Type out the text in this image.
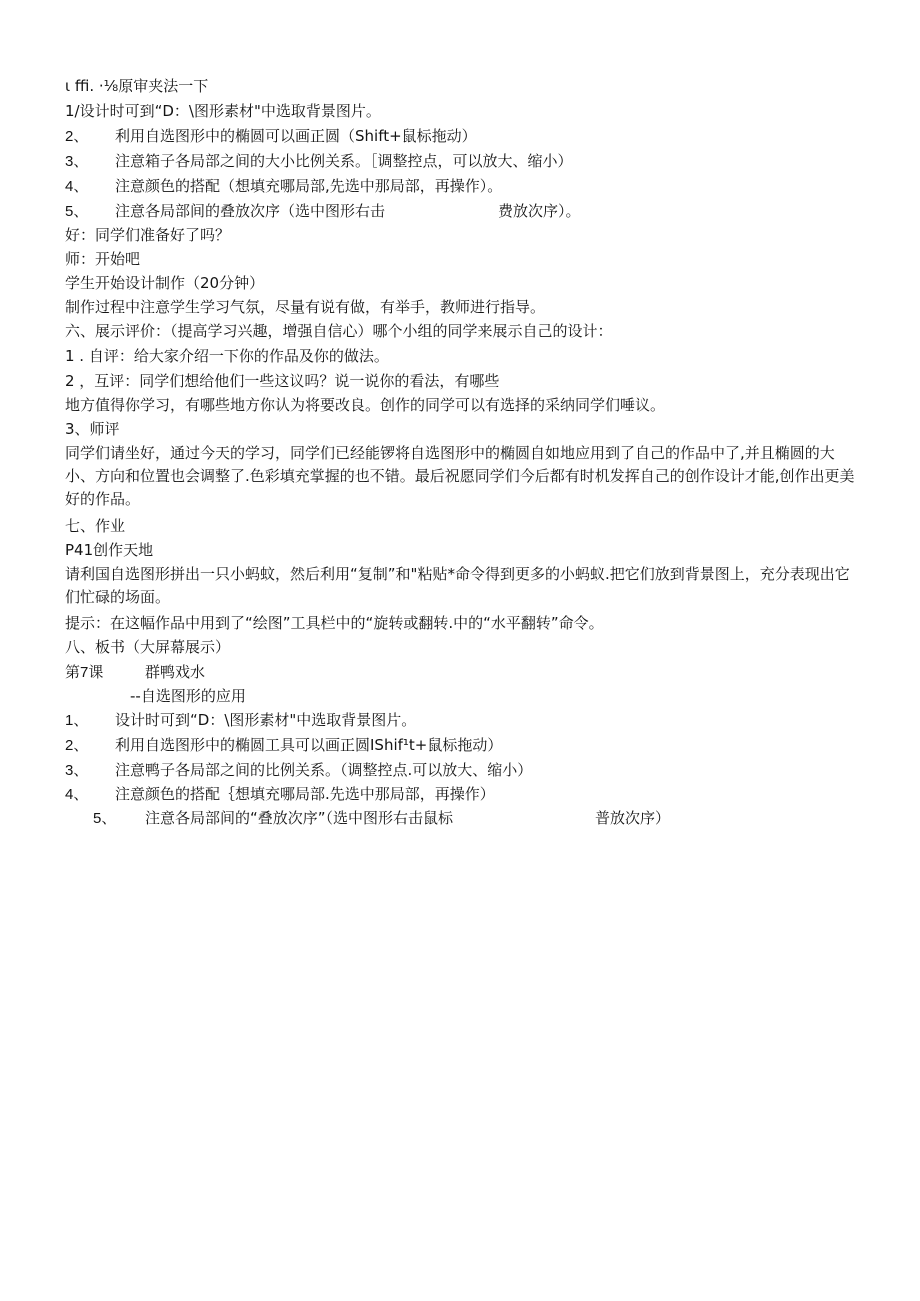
ι ffi. ·⅛原审夹法一下
1/设计时可到“D：\图形素材"中选取背景图片。
2、 利用自选图形中的椭圆可以画正圆（Shift+鼠标拖动）
3、 注意箱子各局部之间的大小比例关系。［调整控点，可以放大、缩小）
4、 注意颜色的搭配（想填充哪局部,先选中那局部，再操作）。
5、 注意各局部间的叠放次序（选中图形右击	费放次序）。
好：同学们准备好了吗？
师：开始吧
学生开始设计制作（20分钟）
制作过程中注意学生学习气氛，尽量有说有做，有举手，教师进行指导。
六、展示评价：（提高学习兴趣，增强自信心）哪个小组的同学来展示自己的设计：
1 . 自评：给大家介绍一下你的作品及你的做法。
2 ，互评：同学们想给他们一些这议吗？说一说你的看法，有哪些
地方值得你学习，有哪些地方你认为将要改良。创作的同学可以有选择的采纳同学们唾议。
3、师评
同学们请坐好，通过今天的学习，同学们已经能锣将自选图形中的椭圆自如地应用到了自己的作品中了,并且椭圆的大小、方向和位置也会调整了.色彩填充掌握的也不错。最后祝愿同学们今后都有时机发挥自己的创作设计才能,创作出更美好的作品。
七、作业
P41创作天地
请利国自选图形拼出一只小蚂蚊，然后利用“复制”和"粘贴*命令得到更多的小蚂蚁.把它们放到背景图上，充分表现出它们忙碌的场面。
提示：在这幅作品中用到了“绘图”工具栏中的“旋转或翻转.中的“水平翻转”命令。
八、板书（大屏幕展示）
第7课	群鸭戏水
--自选图形的应用
1、 设计时可到“D：\图形素材"中选取背景图片。
2、 利用自选图形中的椭圆工具可以画正圆IShif¹t+鼠标拖动）
3、 注意鸭子各局部之间的比例关系。（调整控点.可以放大、缩小）
4、 注意颜色的搭配｛想填充哪局部.先选中那局部，再操作）
5、 注意各局部间的“叠放次序”（选中图形右击鼠标	普放次序）
